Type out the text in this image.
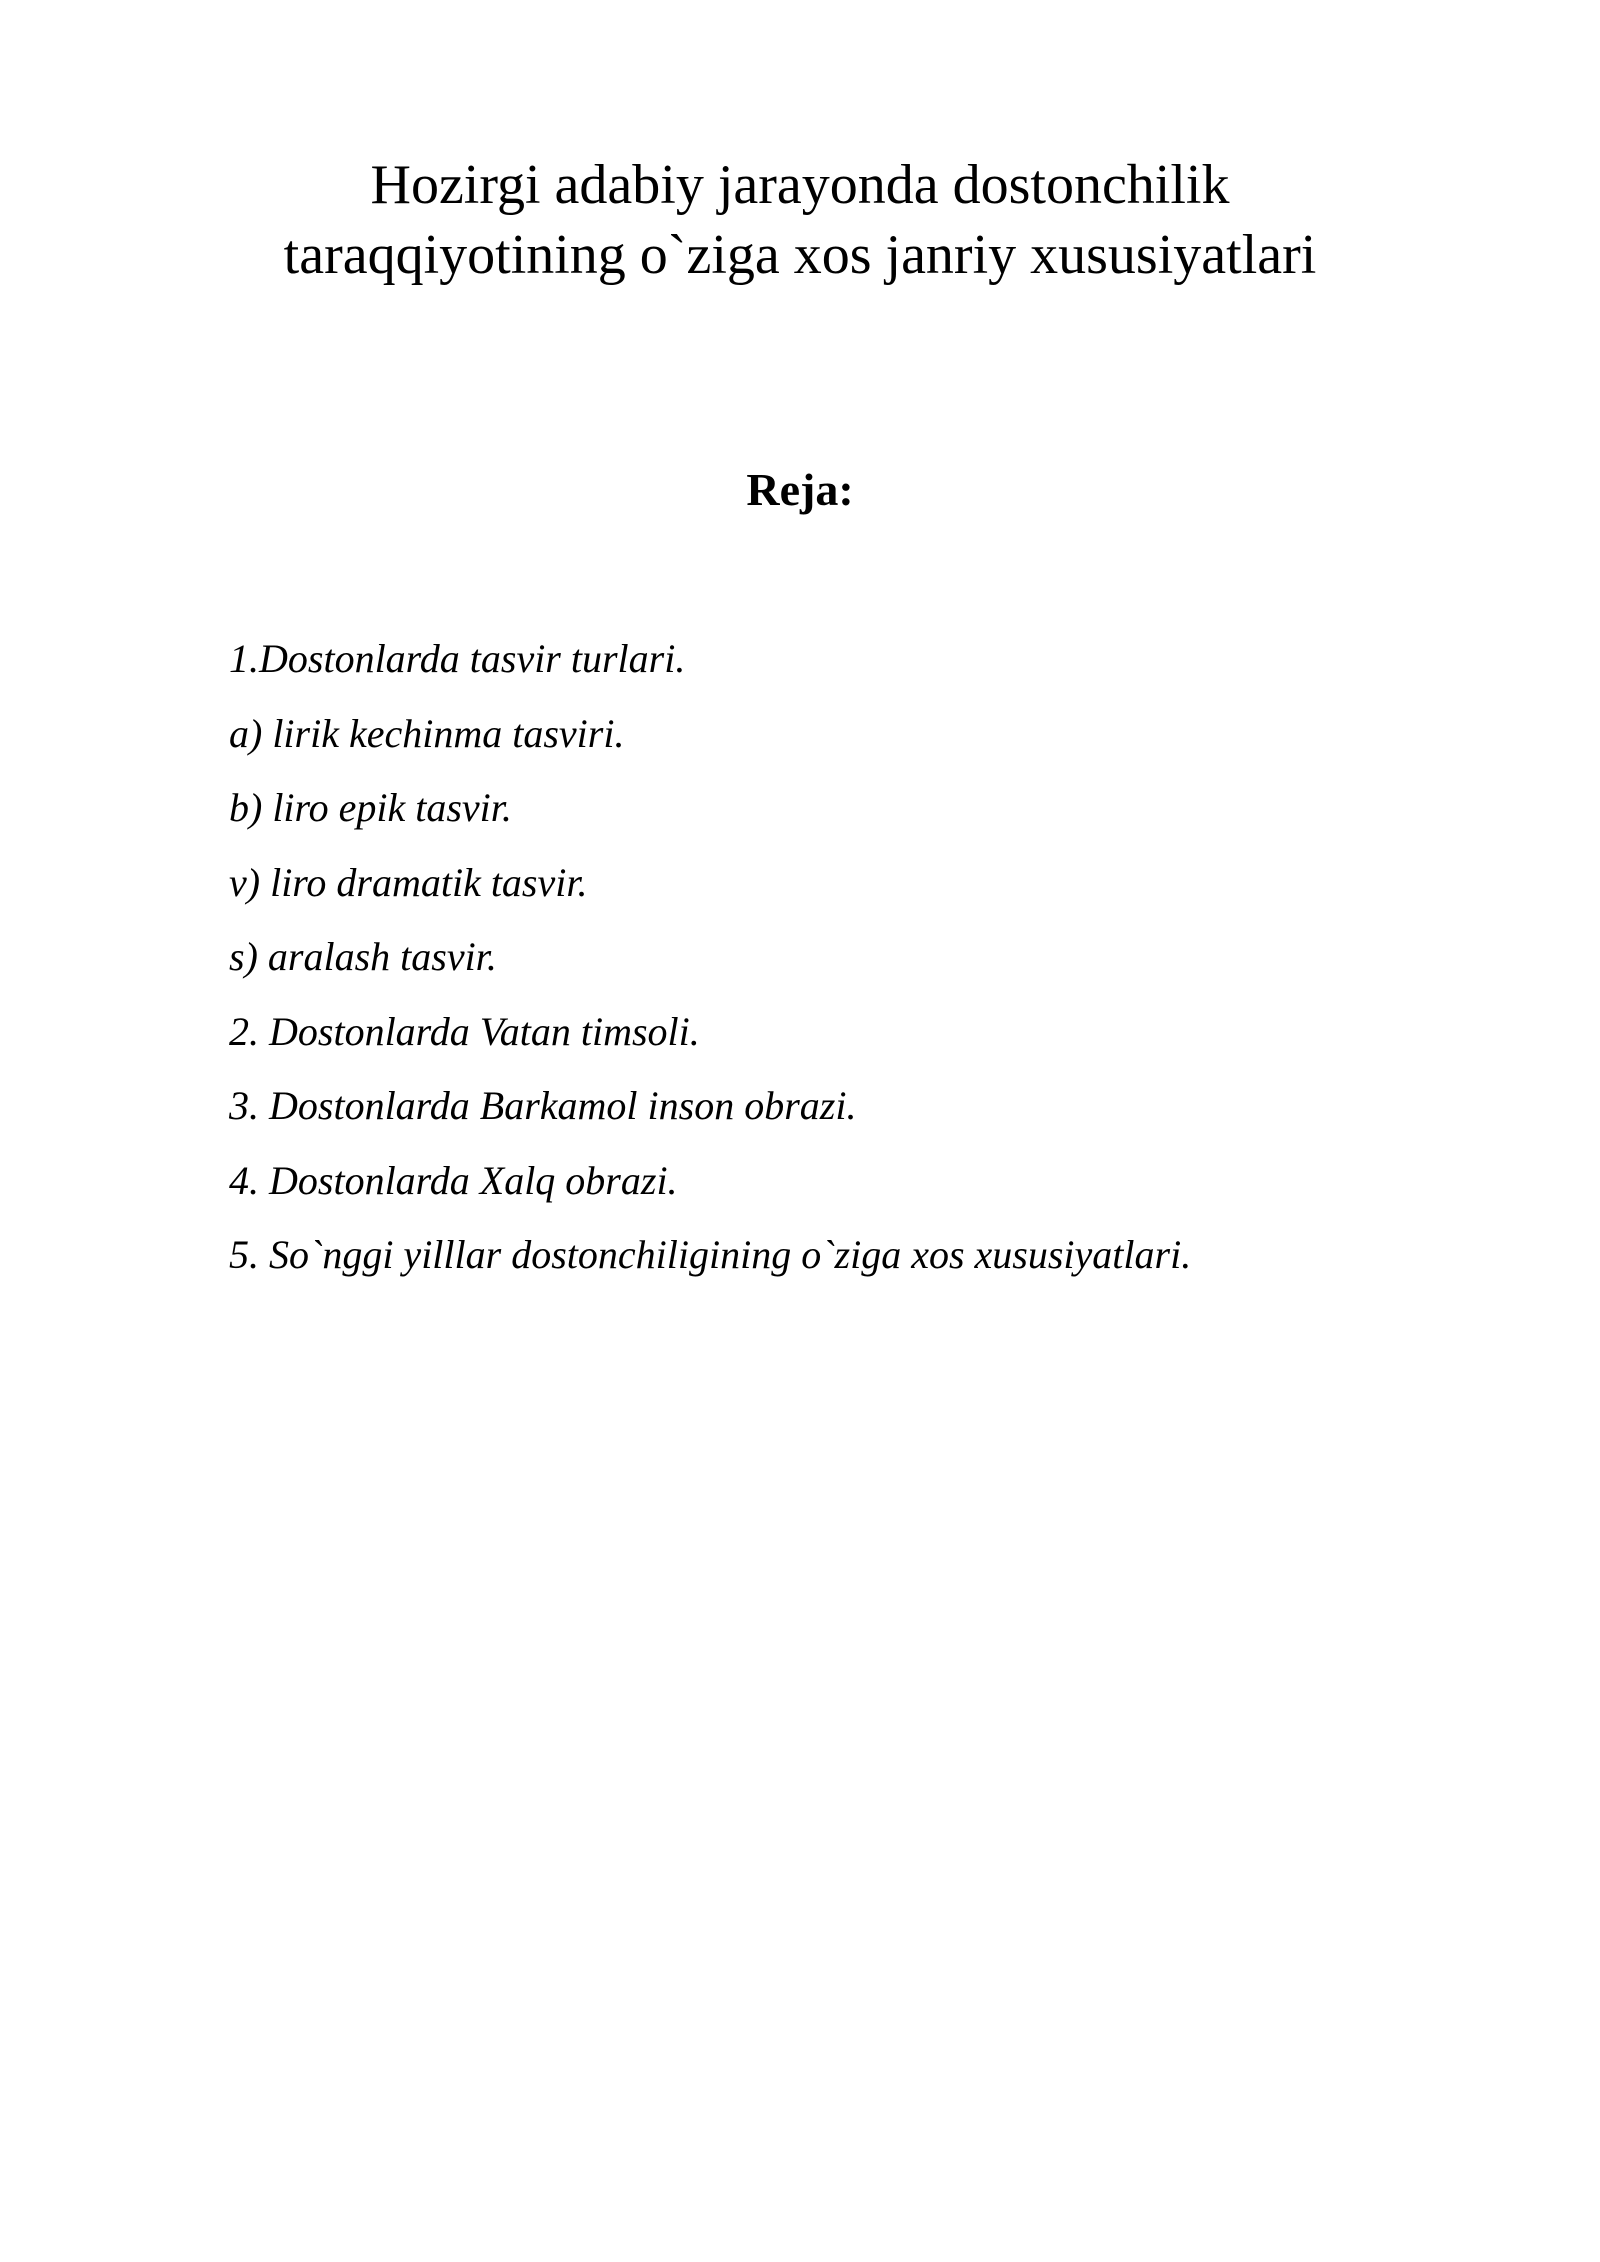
Hozirgi adabiy jarayonda dostonchilik
taraqqiyotining o`ziga xos janriy xususiyatlari
Reja:
1.Dostonlarda tasvir turlari.
a) lirik kechinma tasviri.
b) liro epik tasvir.
v) liro dramatik tasvir.
s) aralash tasvir.
2. Dostonlarda Vatan timsoli.
3. Dostonlarda Barkamol inson obrazi.
4. Dostonlarda Xalq obrazi.
5. So`nggi yilllar dostonchiligining o`ziga xos xususiyatlari.
